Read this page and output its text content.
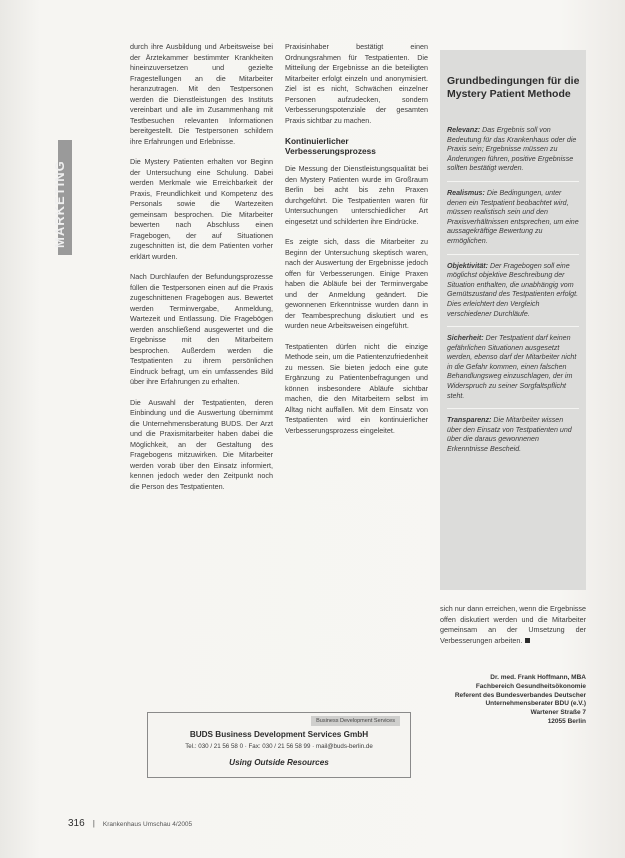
MARKETING

durch ihre Ausbildung und Arbeitsweise bei der Ärztekammer bestimmter Krankheiten hineinzuversetzen und gezielte Fragestellungen an die Mitarbeiter heranzutragen. Mit den Testpersonen werden die Dienstleistungen des Instituts vereinbart und alle im Zusammenhang mit Testbesuchen relevanten Informationen bereitgestellt. Die Testpersonen schildern ihre Erfahrungen und Erlebnisse.

Die Mystery Patienten erhalten vor Beginn der Untersuchung eine Schulung. Dabei werden Merkmale wie Erreichbarkeit der Praxis, Freundlichkeit und Kompetenz des Personals sowie die Wartezeiten gemeinsam besprochen. Die Mitarbeiter bewerten nach Abschluss einen Fragebogen, der auf Situationen zugeschnitten ist, die dem Patienten vorher erklärt wurden.

Nach Durchlaufen der Befundungsprozesse füllen die Testpersonen einen auf die Praxis zugeschnittenen Fragebogen aus. Bewertet werden Terminvergabe, Anmeldung, Wartezeit und Entlassung. Die Fragebögen werden anschließend ausgewertet und die Ergebnisse mit den Mitarbeitern besprochen. Außerdem werden die Testpatienten zu ihrem persönlichen Eindruck befragt, um ein umfassendes Bild über ihre Erfahrungen zu erhalten.

Die Auswahl der Testpatienten, deren Einbindung und die Auswertung übernimmt die Unternehmensberatung BUDS. Der Arzt und die Praxismitarbeiter haben dabei die Möglichkeit, an der Gestaltung des Fragebogens mitzuwirken. Die Mitarbeiter werden vorab über den Einsatz informiert, kennen jedoch weder den Zeitpunkt noch die Person des Testpatienten.

Praxisinhaber bestätigt einen Ordnungsrahmen für Testpatienten. Die Mitteilung der Ergebnisse an die beteiligten Mitarbeiter erfolgt einzeln und anonymisiert. Ziel ist es nicht, Schwächen einzelner Personen aufzudecken, sondern Verbesserungspotenziale der gesamten Praxis sichtbar zu machen.

Kontinuierlicher Verbesserungsprozess

Die Messung der Dienstleistungsqualität bei den Mystery Patienten wurde im Großraum Berlin bei acht bis zehn Praxen durchgeführt. Die Testpatienten waren für Untersuchungen unterschiedlicher Art eingesetzt und schilderten ihre Eindrücke.

Es zeigte sich, dass die Mitarbeiter zu Beginn der Untersuchung skeptisch waren, nach der Auswertung der Ergebnisse jedoch offen für Verbesserungen. Einige Praxen haben die Abläufe bei der Terminvergabe und der Anmeldung geändert. Die gewonnenen Erkenntnisse wurden dann in der Teambesprechung diskutiert und es wurden neue Arbeitsweisen eingeführt.

Testpatienten dürfen nicht die einzige Methode sein, um die Patientenzufriedenheit zu messen. Sie bieten jedoch eine gute Ergänzung zu Patientenbefragungen und können insbesondere Abläufe sichtbar machen, die den Mitarbeitern selbst im Alltag nicht auffallen. Mit dem Einsatz von Testpatienten wird ein kontinuierlicher Verbesserungsprozess eingeleitet.

Grundbedingungen für die Mystery Patient Methode

Relevanz: Das Ergebnis soll von Bedeutung für das Krankenhaus oder die Praxis sein; Ergebnisse müssen zu Änderungen führen, positive Ergebnisse sollten bestätigt werden.

Realismus: Die Bedingungen, unter denen ein Testpatient beobachtet wird, müssen realistisch sein und den Praxisverhältnissen entsprechen, um eine aussagekräftige Bewertung zu ermöglichen.

Objektivität: Der Fragebogen soll eine möglichst objektive Beschreibung der Situation enthalten, die unabhängig vom Gemütszustand des Testpatienten erfolgt. Dies erleichtert den Vergleich verschiedener Durchläufe.

Sicherheit: Der Testpatient darf keinen gefährlichen Situationen ausgesetzt werden, ebenso darf der Mitarbeiter nicht in die Gefahr kommen, einen falschen Behandlungsweg einzuschlagen, der im Widerspruch zu seiner Sorgfaltspflicht steht.

Transparenz: Die Mitarbeiter wissen über den Einsatz von Testpatienten und über die daraus gewonnenen Erkenntnisse Bescheid.

sich nur dann erreichen, wenn die Ergebnisse offen diskutiert werden und die Mitarbeiter gemeinsam an der Umsetzung der Verbesserungen arbeiten.

Dr. med. Frank Hoffmann, MBA
Fachbereich Gesundheitsökonomie
Referent des Bundesverbandes Deutscher
Unternehmensberater BDU (e.V.)
Wartener Straße 7
12055 Berlin
Business Development Services
BUDS Business Development Services GmbH
Tel.: 030 / 21 56 58 0 · Fax: 030 / 21 56 58 99 · mail@buds-berlin.de
Using Outside Resources
316 | Krankenhaus Umschau 4/2005
